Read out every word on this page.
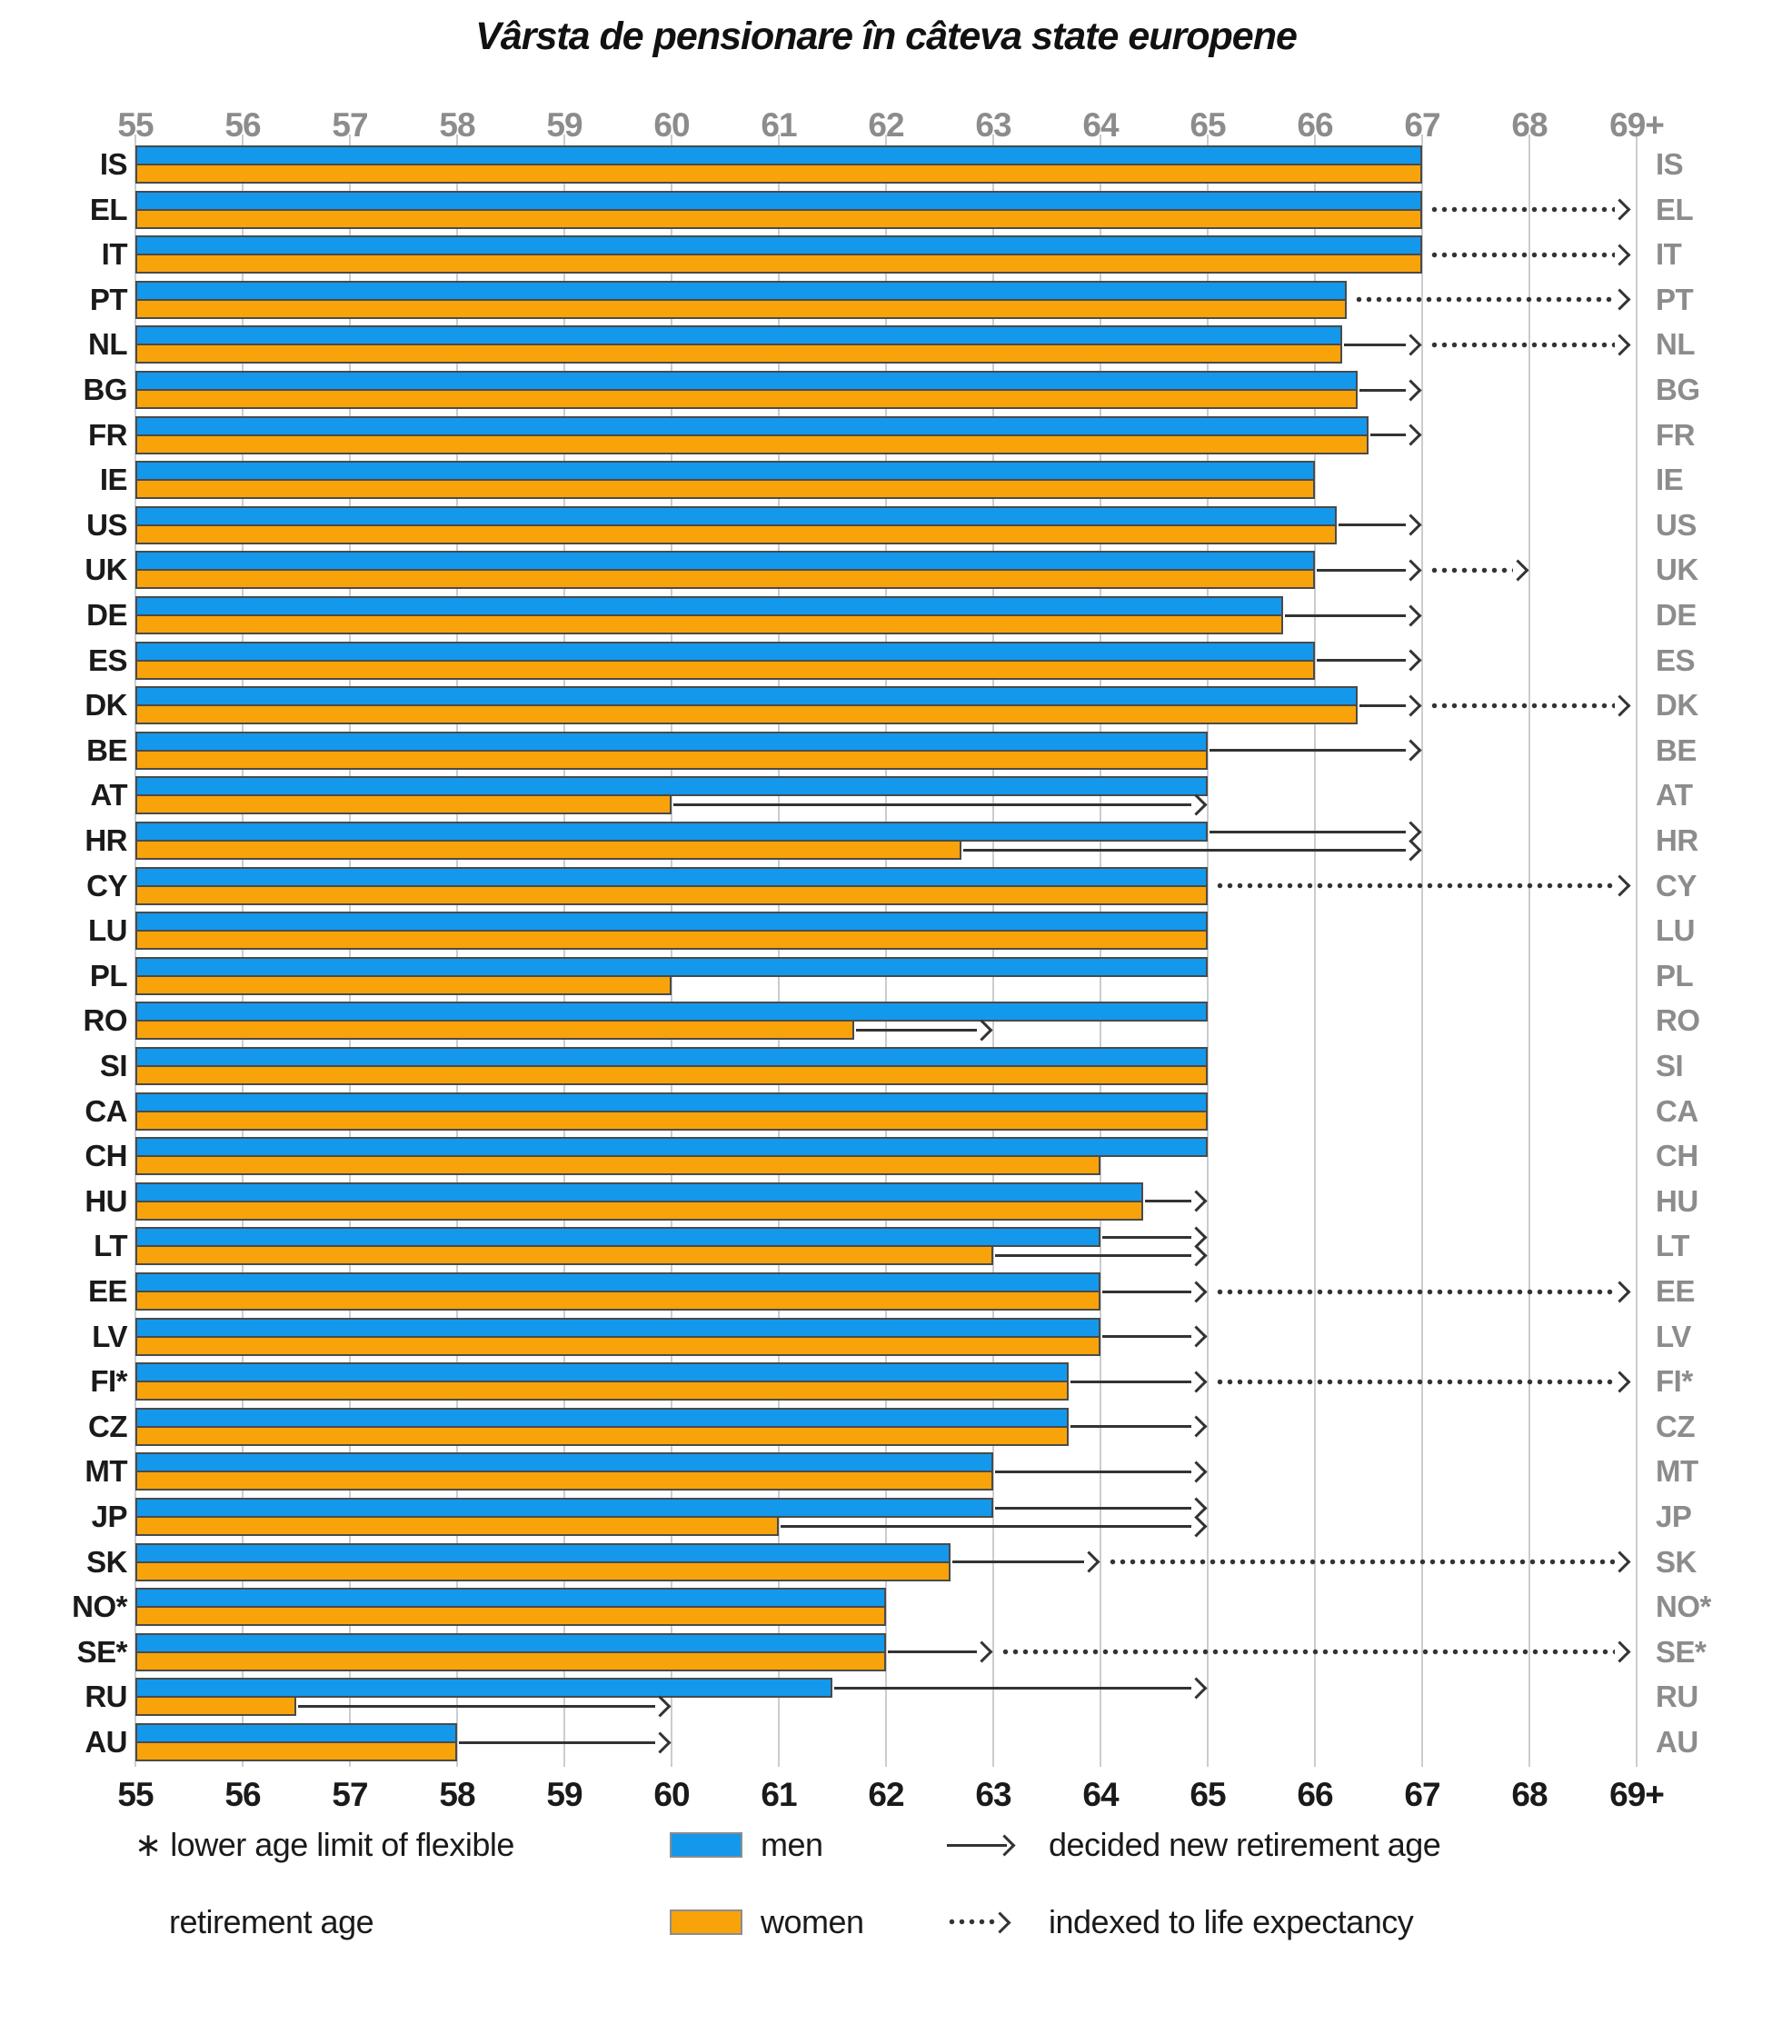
Vârsta de pensionare în câteva state europene
55
55
56
56
57
57
58
58
59
59
60
60
61
61
62
62
63
63
64
64
65
65
66
66
67
67
68
68
69+
69+
IS	IS
EL	EL
IT	IT
PT	PT
NL	NL
BG	BG
FR	FR
IE	IE
US	US
UK	UK
DE	DE
ES	ES
DK	DK
BE	BE
AT	AT
HR	HR
CY	CY
LU	LU
PL	PL
RO	RO
SI	SI
CA	CA
CH	CH
HU	HU
LT	LT
EE	EE
LV	LV
FI*	FI*
CZ	CZ
MT	MT
JP	JP
SK	SK
NO*	NO*
SE*	SE*
RU	RU
AU	AU
∗ lower age limit of flexible
retirement age
men
women
decided new retirement age
indexed to life expectancy
